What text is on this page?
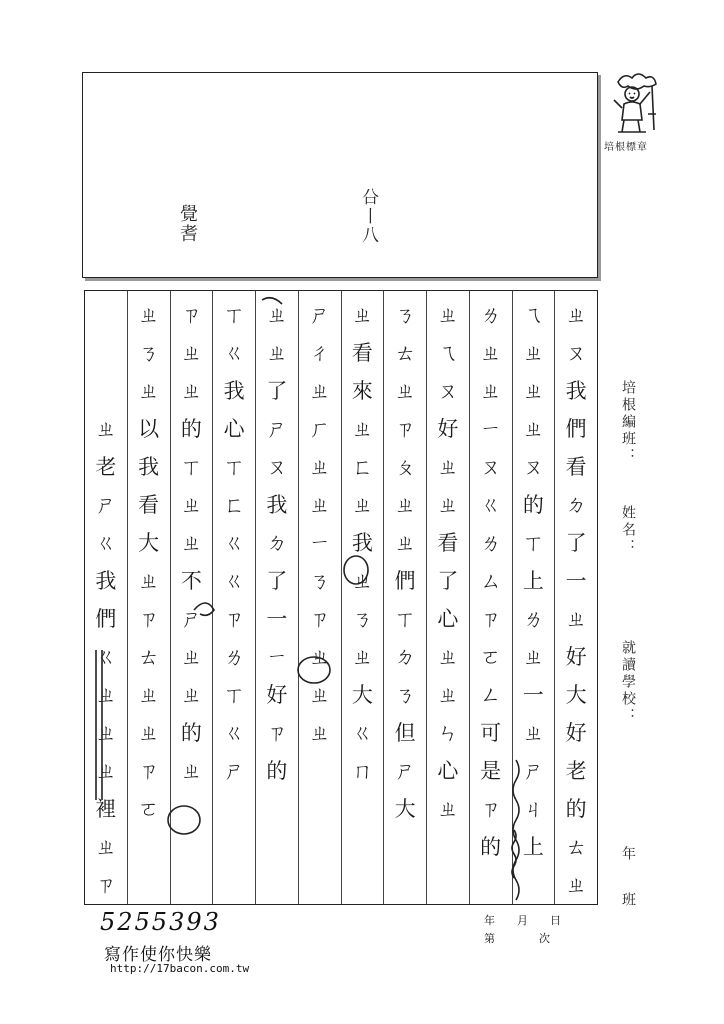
㕣丨八
覺㖈
培根標章
ㄓ
ㄡ
我
們
看
ㄉ
了
一
ㄓ
好
大
好
老
的
ㄊ
ㄓ
ㄟ
ㄓ
ㄓ
ㄓ
ㄡ
的
ㄒ
上
ㄌ
ㄓ
一
ㄓ
ㄕ
ㄐ
上
ㄌ
ㄓ
ㄓ
ㄧ
ㄡ
ㄍ
ㄌ
ㄙ
ㄗ
ㄛ
ㄥ
可
是
ㄗ
的
ㄓ
ㄟ
ㄡ
好
ㄓ
ㄓ
看
了
心
ㄓ
ㄓ
ㄣ
心
ㄓ
ㄋ
ㄊ
ㄓ
ㄗ
ㄆ
ㄓ
ㄓ
們
ㄒ
ㄉ
ㄋ
但
ㄕ
大
ㄓ
看
來
ㄓ
ㄈ
ㄓ
我
ㄓ
ㄋ
ㄓ
大
ㄍ
ㄇ
ㄕ
ㄔ
ㄓ
ㄏ
ㄓ
ㄓ
ㄧ
ㄋ
ㄗ
ㄓ
ㄓ
ㄓ
ㄓ
ㄓ
了
ㄕ
ㄡ
我
ㄉ
了
一
ㄧ
好
ㄗ
的
ㄒ
ㄍ
我
心
ㄒ
ㄈ
ㄍ
ㄍ
ㄗ
ㄌ
ㄒ
ㄍ
ㄕ
ㄗ
ㄓ
ㄓ
的
ㄒ
ㄓ
ㄓ
不
ㄕ
ㄓ
ㄓ
的
ㄓ
ㄓ
ㄋ
ㄓ
以
我
看
大
ㄓ
ㄗ
ㄊ
ㄓ
ㄓ
ㄗ
ㄛ
ㄓ
老
ㄕ
ㄍ
我
們
ㄍ
ㄓ
ㄓ
ㄓ
裡
ㄓ
ㄗ
培根編班：
姓名：
就讀學校：
年
班
年　　月　　日
第　　　　次
5255393
寫作使你快樂
http://17bacon.com.tw
